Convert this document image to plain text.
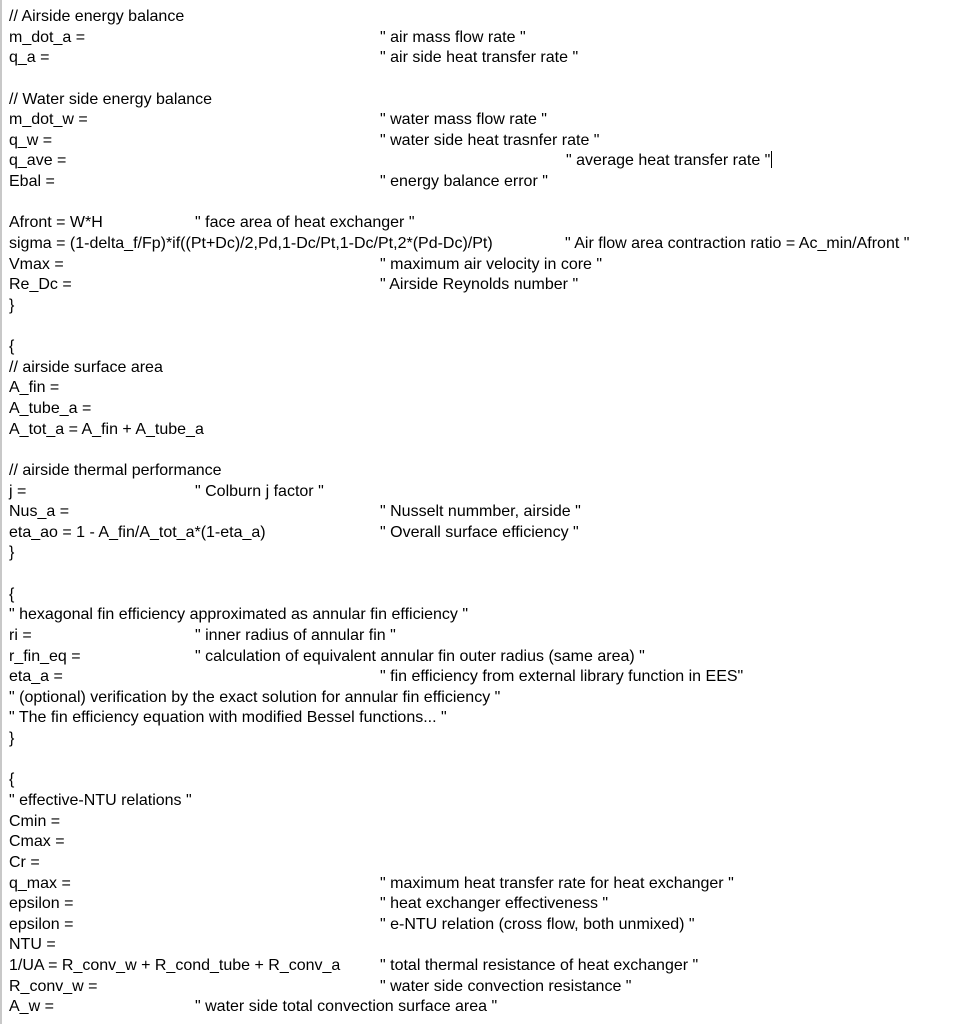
// Airside energy balance
m_dot_a =	" air mass flow rate "
q_a =	" air side heat transfer rate "
// Water side energy balance
m_dot_w =	" water mass flow rate "
q_w =	" water side heat trasnfer rate "
q_ave =	" average heat transfer rate "
Ebal =	" energy balance error "
Afront = W*H	" face area of heat exchanger "
sigma = (1-delta_f/Fp)*if((Pt+Dc)/2,Pd,1-Dc/Pt,1-Dc/Pt,2*(Pd-Dc)/Pt)	" Air flow area contraction ratio = Ac_min/Afront "
Vmax =	" maximum air velocity in core "
Re_Dc =	" Airside Reynolds number "
}
{
// airside surface area
A_fin =
A_tube_a =
A_tot_a = A_fin + A_tube_a
// airside thermal performance
j =	" Colburn j factor "
Nus_a =	" Nusselt nummber, airside "
eta_ao = 1 - A_fin/A_tot_a*(1-eta_a)	" Overall surface efficiency "
}
{
" hexagonal fin efficiency approximated as annular fin efficiency "
ri =	" inner radius of annular fin "
r_fin_eq =	" calculation of equivalent annular fin outer radius (same area) "
eta_a =	" fin efficiency from external library function in EES"
" (optional) verification by the exact solution for annular fin efficiency "
" The fin efficiency equation with modified Bessel functions... "
}
{
" effective-NTU relations "
Cmin =
Cmax =
Cr =
q_max =	" maximum heat transfer rate for heat exchanger "
epsilon =	" heat exchanger effectiveness "
epsilon =	" e-NTU relation (cross flow, both unmixed) "
NTU =
1/UA = R_conv_w + R_cond_tube + R_conv_a " total thermal resistance of heat exchanger "
R_conv_w =	" water side convection resistance "
A_w =	" water side total convection surface area "
